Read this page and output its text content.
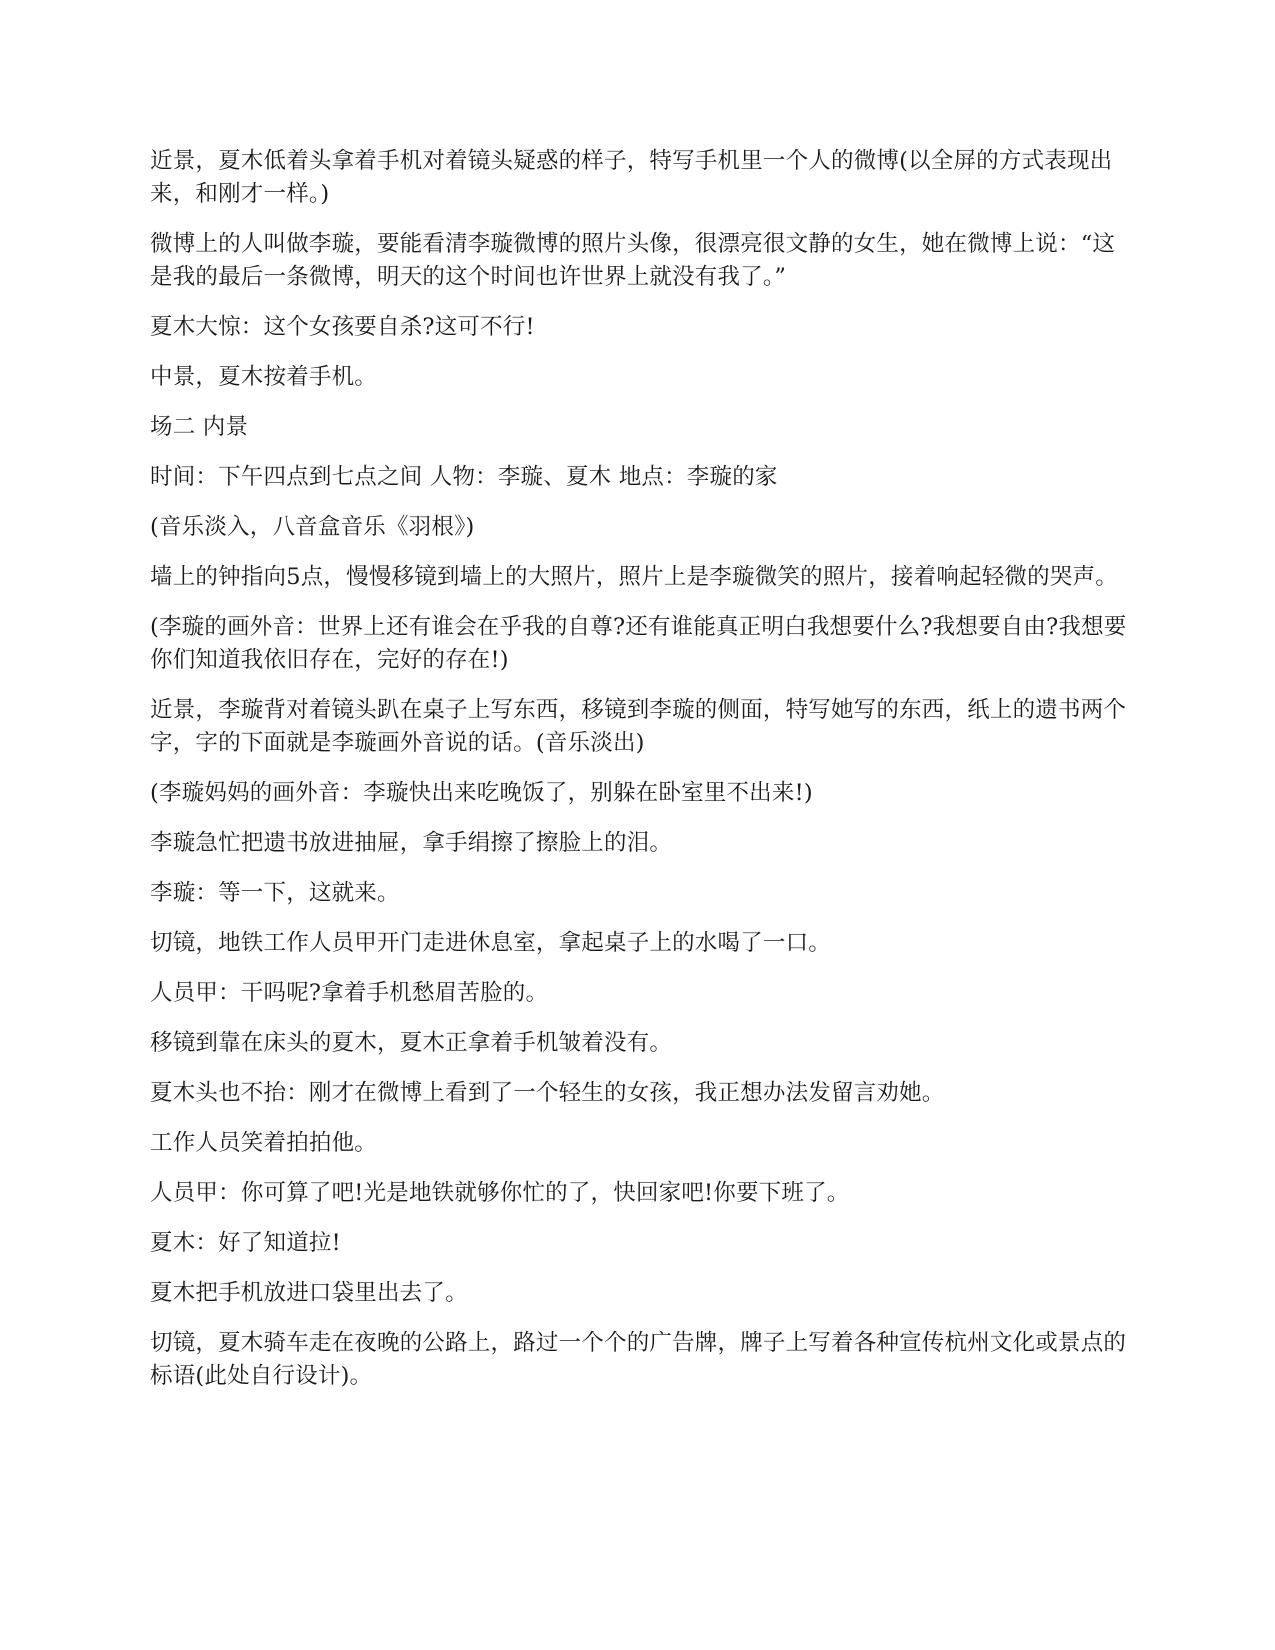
近景，夏木低着头拿着手机对着镜头疑惑的样子，特写手机里一个人的微博(以全屏的方式表现出来，和刚才一样。)

微博上的人叫做李璇，要能看清李璇微博的照片头像，很漂亮很文静的女生，她在微博上说：“这是我的最后一条微博，明天的这个时间也许世界上就没有我了。”

夏木大惊：这个女孩要自杀?这可不行!

中景，夏木按着手机。

场二 内景

时间：下午四点到七点之间 人物：李璇、夏木 地点：李璇的家

(音乐淡入，八音盒音乐《羽根》)

墙上的钟指向5点，慢慢移镜到墙上的大照片，照片上是李璇微笑的照片，接着响起轻微的哭声。

(李璇的画外音：世界上还有谁会在乎我的自尊?还有谁能真正明白我想要什么?我想要自由?我想要你们知道我依旧存在，完好的存在!)

近景，李璇背对着镜头趴在桌子上写东西，移镜到李璇的侧面，特写她写的东西，纸上的遗书两个字，字的下面就是李璇画外音说的话。(音乐淡出)

(李璇妈妈的画外音：李璇快出来吃晚饭了，别躲在卧室里不出来!)

李璇急忙把遗书放进抽屉，拿手绢擦了擦脸上的泪。

李璇：等一下，这就来。

切镜，地铁工作人员甲开门走进休息室，拿起桌子上的水喝了一口。

人员甲：干吗呢?拿着手机愁眉苦脸的。

移镜到靠在床头的夏木，夏木正拿着手机皱着没有。

夏木头也不抬：刚才在微博上看到了一个轻生的女孩，我正想办法发留言劝她。

工作人员笑着拍拍他。

人员甲：你可算了吧!光是地铁就够你忙的了，快回家吧!你要下班了。

夏木：好了知道拉!

夏木把手机放进口袋里出去了。

切镜，夏木骑车走在夜晚的公路上，路过一个个的广告牌，牌子上写着各种宣传杭州文化或景点的标语(此处自行设计)。
